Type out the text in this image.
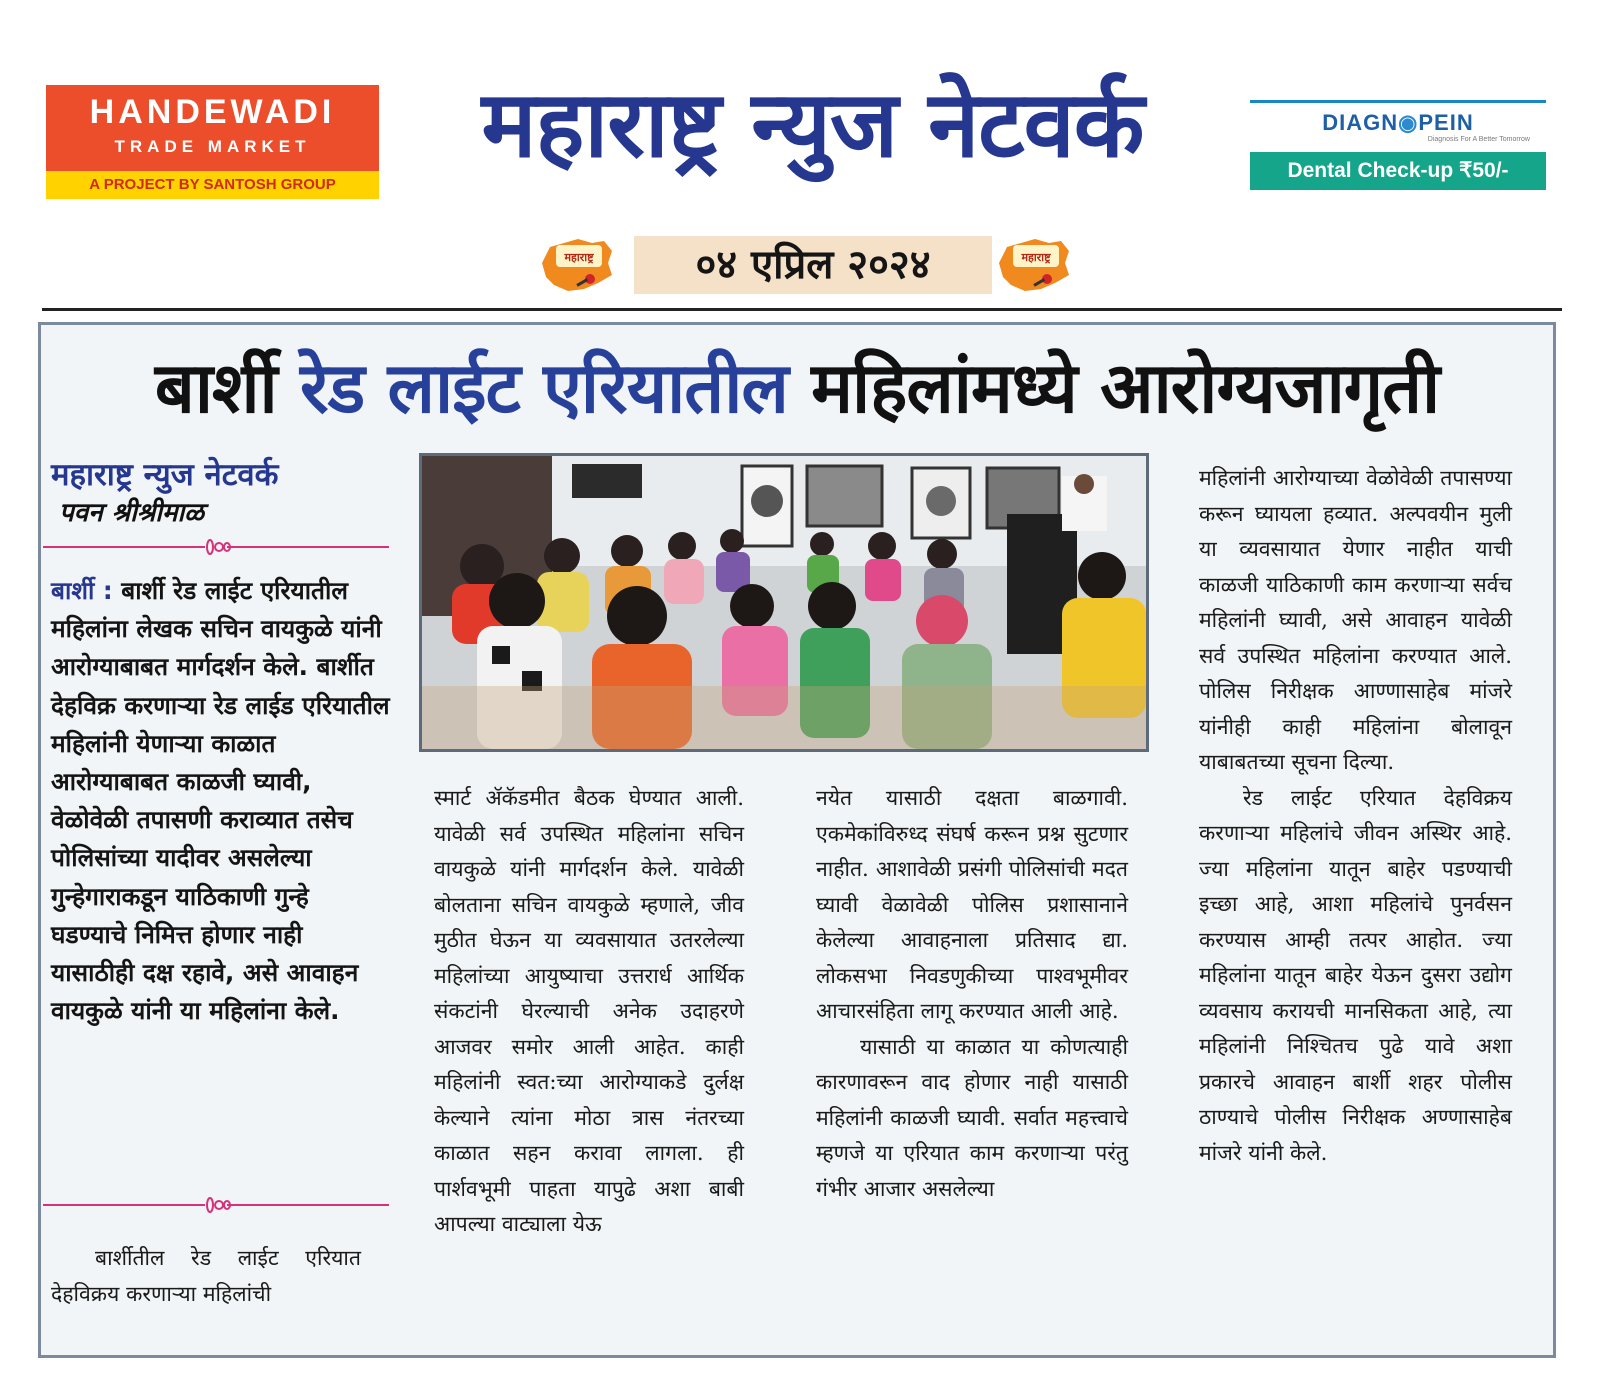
HANDEWADI
TRADE MARKET
A PROJECT BY SANTOSH GROUP
महाराष्ट्र न्युज नेटवर्क	DIAGN◉PEIN
Diagnosis For A Better Tomorrow
Dental Check-up ₹50/-
महाराष्ट्र	०४ एप्रिल २०२४	महाराष्ट्र
बार्शी रेड लाईट एरियातील महिलांमध्ये आरोग्यजागृती
महाराष्ट्र न्युज नेटवर्क
पवन श्रीश्रीमाळ
बार्शी : बार्शी रेड लाईट एरियातील महिलांना लेखक सचिन वायकुळे यांनी आरोग्याबाबत मार्गदर्शन केले. बार्शीत देहविक्र करणाऱ्या रेड लाईड एरियातील महिलांनी येणाऱ्या काळात आरोग्याबाबत काळजी घ्यावी, वेळोवेळी तपासणी कराव्यात तसेच पोलिसांच्या यादीवर असलेल्या गुन्हेगाराकडून याठिकाणी गुन्हे घडण्याचे निमित्त होणार नाही यासाठीही दक्ष रहावे, असे आवाहन वायकुळे यांनी या महिलांना केले.
बार्शीतील रेड लाईट एरियात देहविक्रय करणाऱ्या महिलांची
स्मार्ट ॲकॅडमीत बैठक घेण्यात आली. यावेळी सर्व उपस्थित महिलांना सचिन वायकुळे यांनी मार्गदर्शन केले. यावेळी बोलताना सचिन वायकुळे म्हणाले, जीव मुठीत घेऊन या व्यवसायात उतरलेल्या महिलांच्या आयुष्याचा उत्तरार्ध आर्थिक संकटांनी घेरल्याची अनेक उदाहरणे आजवर समोर आली आहेत. काही महिलांनी स्वत:च्या आरोग्याकडे दुर्लक्ष केल्याने त्यांना मोठा त्रास नंतरच्या काळात सहन करावा लागला. ही पार्शवभूमी पाहता यापुढे अशा बाबी आपल्या वाट्याला येऊ

नयेत यासाठी दक्षता बाळगावी. एकमेकांविरुध्द संघर्ष करून प्रश्न सुटणार नाहीत. आशावेळी प्रसंगी पोलिसांची मदत घ्यावी वेळावेळी पोलिस प्रशासानाने केलेल्या आवाहनाला प्रतिसाद द्या. लोकसभा निवडणुकीच्या पाश्वभूमीवर आचारसंहिता लागू करण्यात आली आहे.

यासाठी या काळात या कोणत्याही कारणावरून वाद होणार नाही यासाठी महिलांनी काळजी घ्यावी. सर्वात महत्त्वाचे म्हणजे या एरियात काम करणाऱ्या परंतु गंभीर आजार असलेल्या

महिलांनी आरोग्याच्या वेळोवेळी तपासण्या करून घ्यायला हव्यात. अल्पवयीन मुली या व्यवसायात येणार नाहीत याची काळजी याठिकाणी काम करणाऱ्या सर्वच महिलांनी घ्यावी, असे आवाहन यावेळी सर्व उपस्थित महिलांना करण्यात आले. पोलिस निरीक्षक आण्णासाहेब मांजरे यांनीही काही महिलांना बोलावून याबाबतच्या सूचना दिल्या.

रेड लाईट एरियात देहविक्रय करणाऱ्या महिलांचे जीवन अस्थिर आहे. ज्या महिलांना यातून बाहेर पडण्याची इच्छा आहे, आशा महिलांचे पुनर्वसन करण्यास आम्ही तत्पर आहोत. ज्या महिलांना यातून बाहेर येऊन दुसरा उद्योग व्यवसाय करायची मानसिकता आहे, त्या महिलांनी निश्चितच पुढे यावे अशा प्रकारचे आवाहन बार्शी शहर पोलीस ठाण्याचे पोलीस निरीक्षक अण्णासाहेब मांजरे यांनी केले.
